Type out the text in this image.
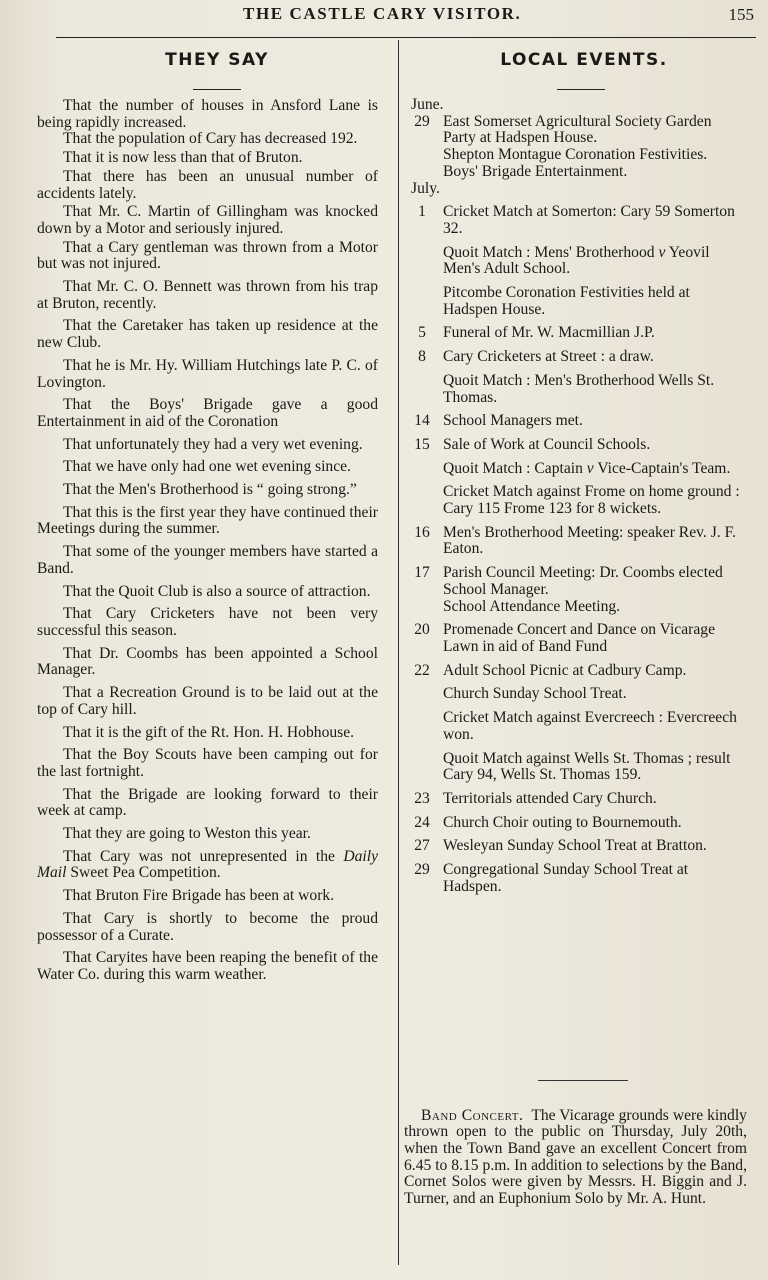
THE CASTLE CARY VISITOR.	155
THEY SAY	LOCAL EVENTS.

That the number of houses in Ansford Lane is being rapidly increased.

That the population of Cary has decreased 192.

That it is now less than that of Bruton.

That there has been an unusual number of accidents lately.

That Mr. C. Martin of Gillingham was knocked down by a Motor and seriously injured.

That a Cary gentleman was thrown from a Motor but was not injured.

That Mr. C. O. Bennett was thrown from his trap at Bruton, recently.

That the Caretaker has taken up residence at the new Club.

That he is Mr. Hy. William Hutchings late P. C. of Lovington.

That the Boys' Brigade gave a good Entertainment in aid of the Coronation

That unfortunately they had a very wet evening.

That we have only had one wet evening since.

That the Men's Brotherhood is “ going strong.”

That this is the first year they have continued their Meetings during the summer.

That some of the younger members have started a Band.

That the Quoit Club is also a source of attraction.

That Cary Cricketers have not been very successful this season.

That Dr. Coombs has been appointed a School Manager.

That a Recreation Ground is to be laid out at the top of Cary hill.

That it is the gift of the Rt. Hon. H. Hobhouse.

That the Boy Scouts have been camping out for the last fortnight.

That the Brigade are looking forward to their week at camp.

That they are going to Weston this year.

That Cary was not unrepresented in the Daily Mail Sweet Pea Competition.

That Bruton Fire Brigade has been at work.

That Cary is shortly to become the proud possessor of a Curate.

That Caryites have been reaping the benefit of the Water Co. during this warm weather.

June.

29 East Somerset Agricultural Society Garden Party at Hadspen House.
Shepton Montague Coronation Festivities.
Boys' Brigade Entertainment.

July.

1	Cricket Match at Somerton: Cary 59 Somerton 32.
Quoit Match : Mens' Brotherhood v Yeovil Men's Adult School.
Pitcombe Coronation Festivities held at Hadspen House.
5	Funeral of Mr. W. Macmillian J.P.
8	Cary Cricketers at Street : a draw.
Quoit Match : Men's Brotherhood Wells St. Thomas.
14 School Managers met.
15 Sale of Work at Council Schools.
Quoit Match : Captain v Vice-Captain's Team.
Cricket Match against Frome on home ground : Cary 115 Frome 123 for 8 wickets.
16 Men's Brotherhood Meeting: speaker Rev. J. F. Eaton.
17 Parish Council Meeting: Dr. Coombs elected School Manager.
School Attendance Meeting.
20 Promenade Concert and Dance on Vicarage Lawn in aid of Band Fund
22 Adult School Picnic at Cadbury Camp.
Church Sunday School Treat.
Cricket Match against Evercreech : Evercreech won.
Quoit Match against Wells St. Thomas ; result Cary 94, Wells St. Thomas 159.
23 Territorials attended Cary Church.
24 Church Choir outing to Bournemouth.
27 Wesleyan Sunday School Treat at Bratton.
29 Congregational Sunday School Treat at Hadspen.

Band Concert. The Vicarage grounds were kindly thrown open to the public on Thursday, July 20th, when the Town Band gave an excellent Concert from 6.45 to 8.15 p.m. In addition to selections by the Band, Cornet Solos were given by Messrs. H. Biggin and J. Turner, and an Euphonium Solo by Mr. A. Hunt.
